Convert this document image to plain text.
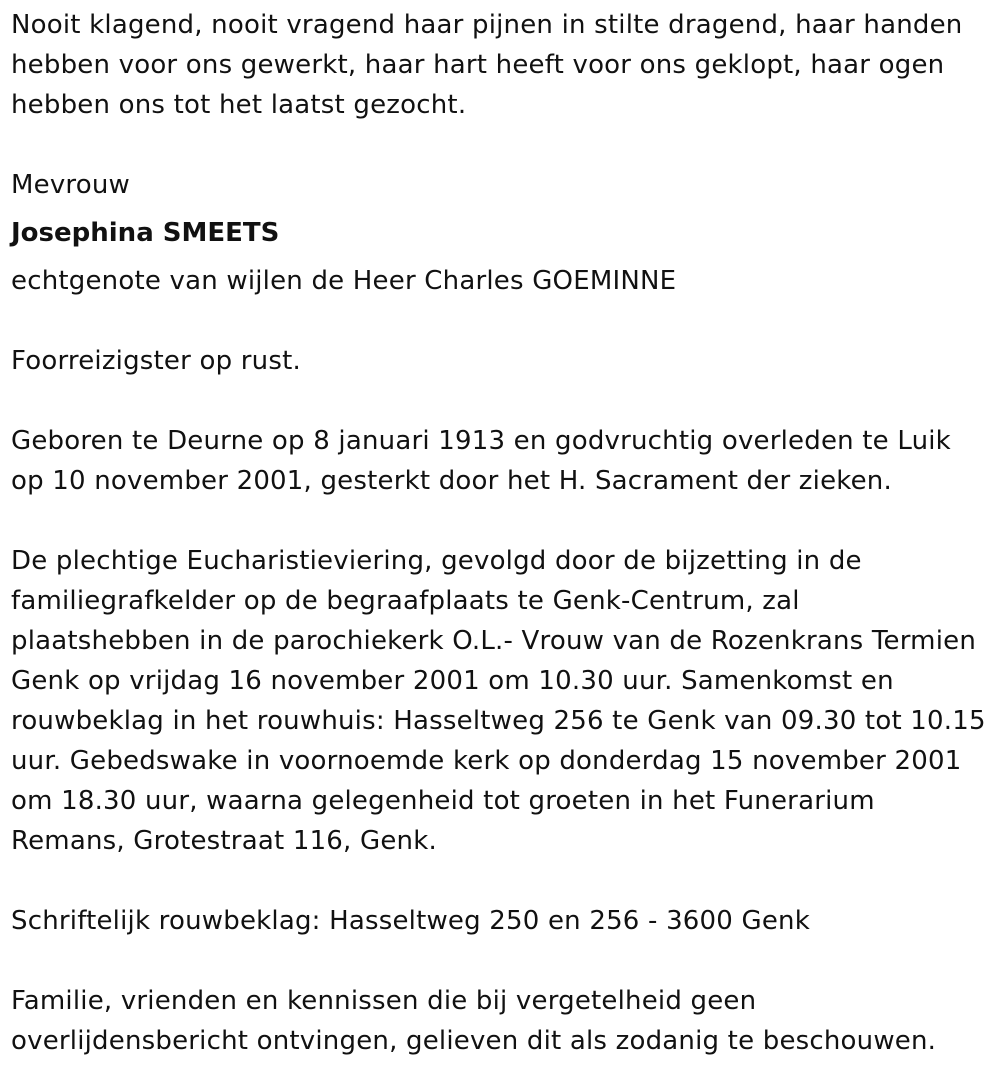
Nooit klagend, nooit vragend haar pijnen in stilte dragend, haar handen
hebben voor ons gewerkt, haar hart heeft voor ons geklopt, haar ogen
hebben ons tot het laatst gezocht.

Mevrouw

Josephina SMEETS

echtgenote van wijlen de Heer Charles GOEMINNE

Foorreizigster op rust.

Geboren te Deurne op 8 januari 1913 en godvruchtig overleden te Luik
op 10 november 2001, gesterkt door het H. Sacrament der zieken.

De plechtige Eucharistieviering, gevolgd door de bijzetting in de
familiegrafkelder op de begraafplaats te Genk-Centrum, zal
plaatshebben in de parochiekerk O.L.- Vrouw van de Rozenkrans Termien
Genk op vrijdag 16 november 2001 om 10.30 uur. Samenkomst en
rouwbeklag in het rouwhuis: Hasseltweg 256 te Genk van 09.30 tot 10.15
uur. Gebedswake in voornoemde kerk op donderdag 15 november 2001
om 18.30 uur, waarna gelegenheid tot groeten in het Funerarium
Remans, Grotestraat 116, Genk.

Schriftelijk rouwbeklag: Hasseltweg 250 en 256 - 3600 Genk

Familie, vrienden en kennissen die bij vergetelheid geen
overlijdensbericht ontvingen, gelieven dit als zodanig te beschouwen.
